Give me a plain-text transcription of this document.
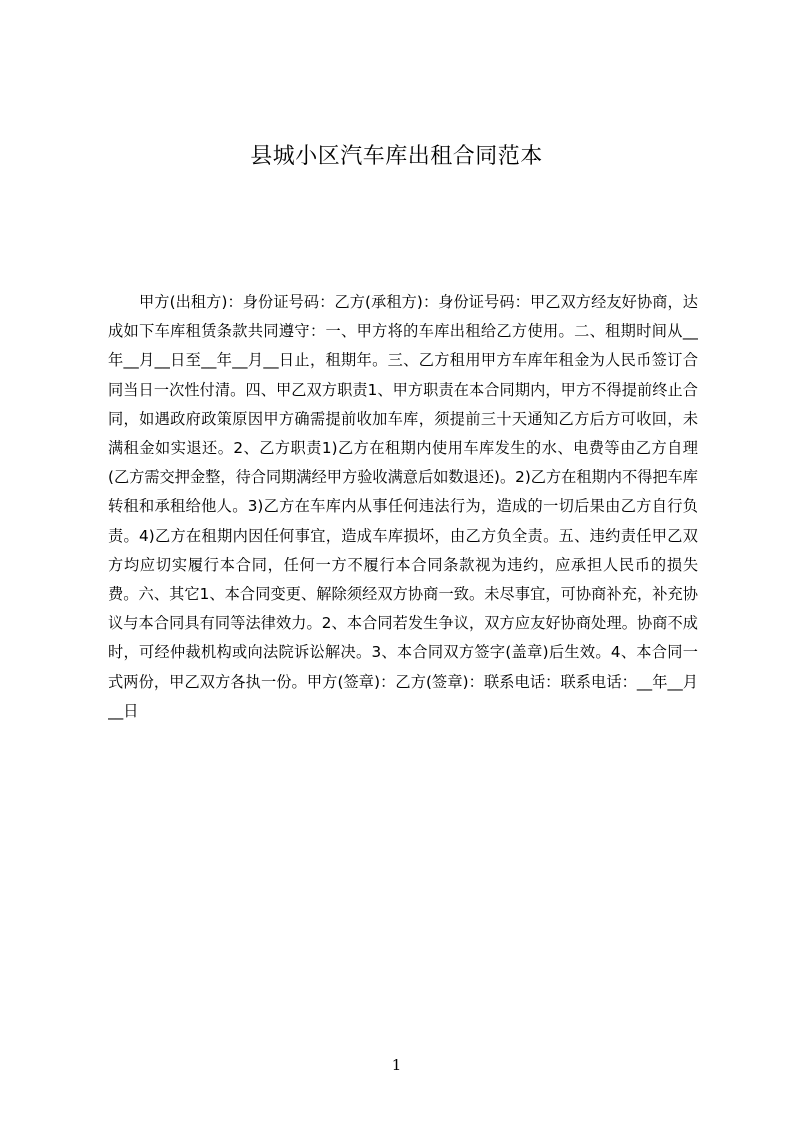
县城小区汽车库出租合同范本

甲方(出租方)：身份证号码：乙方(承租方)：身份证号码：甲乙双方经友好协商，达成如下车库租赁条款共同遵守：一、甲方将的车库出租给乙方使用。二、租期时间从__年__月__日至__年__月__日止，租期年。三、乙方租用甲方车库年租金为人民币签订合同当日一次性付清。四、甲乙双方职责1、甲方职责在本合同期内，甲方不得提前终止合同，如遇政府政策原因甲方确需提前收加车库，须提前三十天通知乙方后方可收回，未满租金如实退还。2、乙方职责1)乙方在租期内使用车库发生的水、电费等由乙方自理(乙方需交押金整，待合同期满经甲方验收满意后如数退还)。2)乙方在租期内不得把车库转租和承租给他人。3)乙方在车库内从事任何违法行为，造成的一切后果由乙方自行负责。4)乙方在租期内因任何事宜，造成车库损坏，由乙方负全责。五、违约责任甲乙双方均应切实履行本合同，任何一方不履行本合同条款视为违约，应承担人民币的损失费。六、其它1、本合同变更、解除须经双方协商一致。未尽事宜，可协商补充，补充协议与本合同具有同等法律效力。2、本合同若发生争议，双方应友好协商处理。协商不成时，可经仲裁机构或向法院诉讼解决。3、本合同双方签字(盖章)后生效。4、本合同一式两份，甲乙双方各执一份。甲方(签章)：乙方(签章)：联系电话：联系电话：__年__月__日

1
